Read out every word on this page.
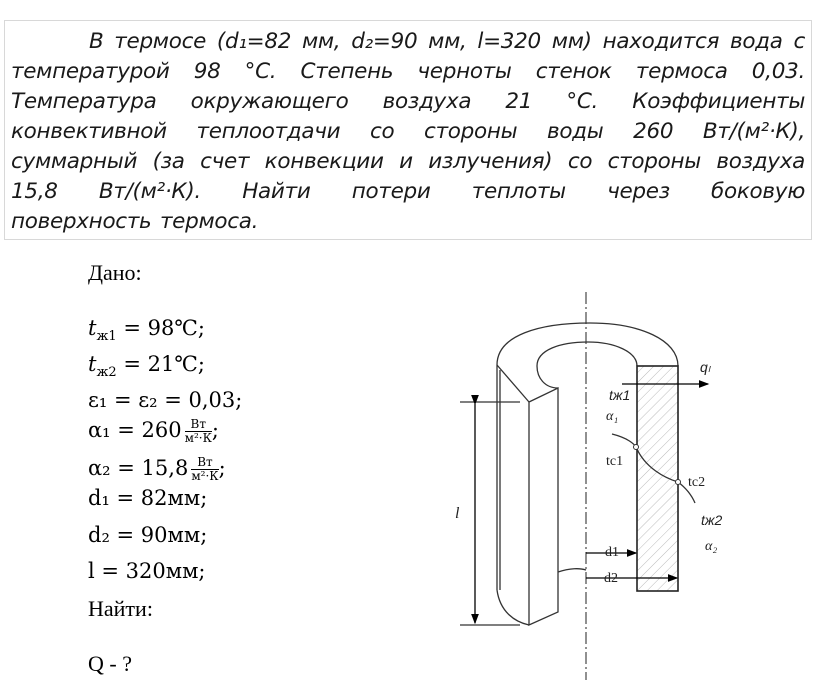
В термосе (d₁=82 мм, d₂=90 мм, l=320 мм) находится вода с
температурой 98 °С. Степень черноты стенок термоса 0,03.
Температура окружающего воздуха 21 °С. Коэффициенты
конвективной теплоотдачи со стороны воды 260 Вт/(м²·К),
суммарный (за счет конвекции и излучения) со стороны воздуха
15,8 Вт/(м²·К). Найти потери теплоты через боковую
поверхность термоса.
Дано:
$t_{ж1}$ = 98℃;
$t_{ж2}$ = 21℃;
ε₁ = ε₂ = 0,03;
$\alpha_1 = 260 \frac{Вт}{\text{м²·К}}$ ;
$\alpha_2 = 15,8 \frac{Вт}{\text{м²·К}}$ ;
d₁ = 82мм;
d₂ = 90мм;
l = 320мм;
Найти:
Q - ?
qₗ
tж1
α₁
tc1
tc2
tж2
α₂
d1
d2
l
